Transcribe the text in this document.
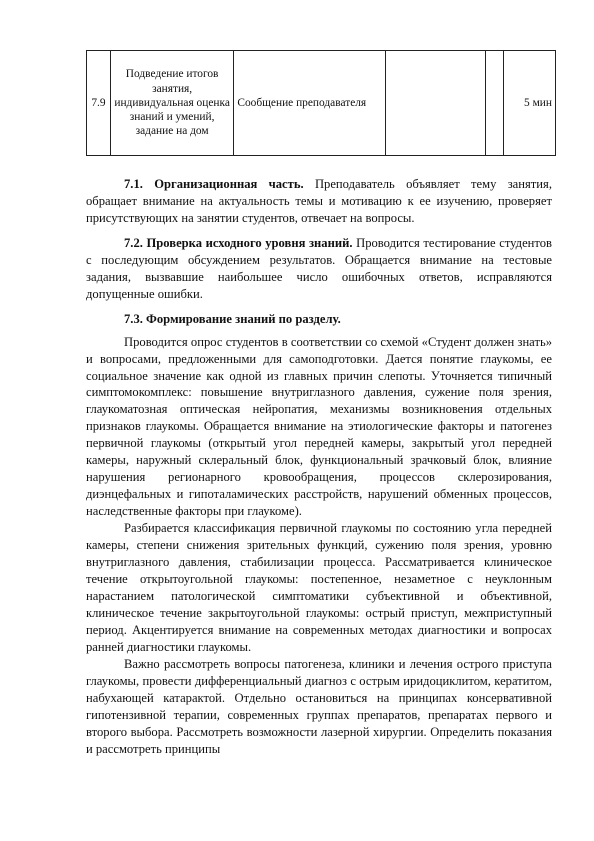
7.9	Подведение итогов занятия, индивидуальная оценка знаний и умений, задание на дом	Сообщение преподавателя			5 мин

7.1. Организационная часть. Преподаватель объявляет тему занятия, обращает внимание на актуальность темы и мотивацию к ее изучению, проверяет присутствующих на занятии студентов, отвечает на вопросы.

7.2. Проверка исходного уровня знаний. Проводится тестирование студентов с последующим обсуждением результатов. Обращается внимание на тестовые задания, вызвавшие наибольшее число ошибочных ответов, исправляются допущенные ошибки.

7.3. Формирование знаний по разделу.

Проводится опрос студентов в соответствии со схемой «Студент должен знать» и вопросами, предложенными для самоподготовки. Дается понятие глаукомы, ее социальное значение как одной из главных причин слепоты. Уточняется типичный симптомокомплекс: повышение внутриглазного давления, сужение поля зрения, глаукоматозная оптическая нейропатия, механизмы возникновения отдельных признаков глаукомы. Обращается внимание на этиологические факторы и патогенез первичной глаукомы (открытый угол передней камеры, закрытый угол передней камеры, наружный склеральный блок, функциональный зрачковый блок, влияние нарушения регионарного кровообращения, процессов склерозирования, диэнцефальных и гипоталамических расстройств, нарушений обменных процессов, наследственные факторы при глаукоме).

Разбирается классификация первичной глаукомы по состоянию угла передней камеры, степени снижения зрительных функций, сужению поля зрения, уровню внутриглазного давления, стабилизации процесса. Рассматривается клиническое течение открытоугольной глаукомы: постепенное, незаметное с неуклонным нарастанием патологической симптоматики субъективной и объективной, клиническое течение закрытоугольной глаукомы: острый приступ, межприступный период. Акцентируется внимание на современных методах диагностики и вопросах ранней диагностики глаукомы.

Важно рассмотреть вопросы патогенеза, клиники и лечения острого приступа глаукомы, провести дифференциальный диагноз с острым иридоциклитом, кератитом, набухающей катарактой. Отдельно остановиться на принципах консервативной гипотензивной терапии, современных группах препаратов, препаратах первого и второго выбора. Рассмотреть возможности лазерной хирургии. Определить показания и рассмотреть принципы
